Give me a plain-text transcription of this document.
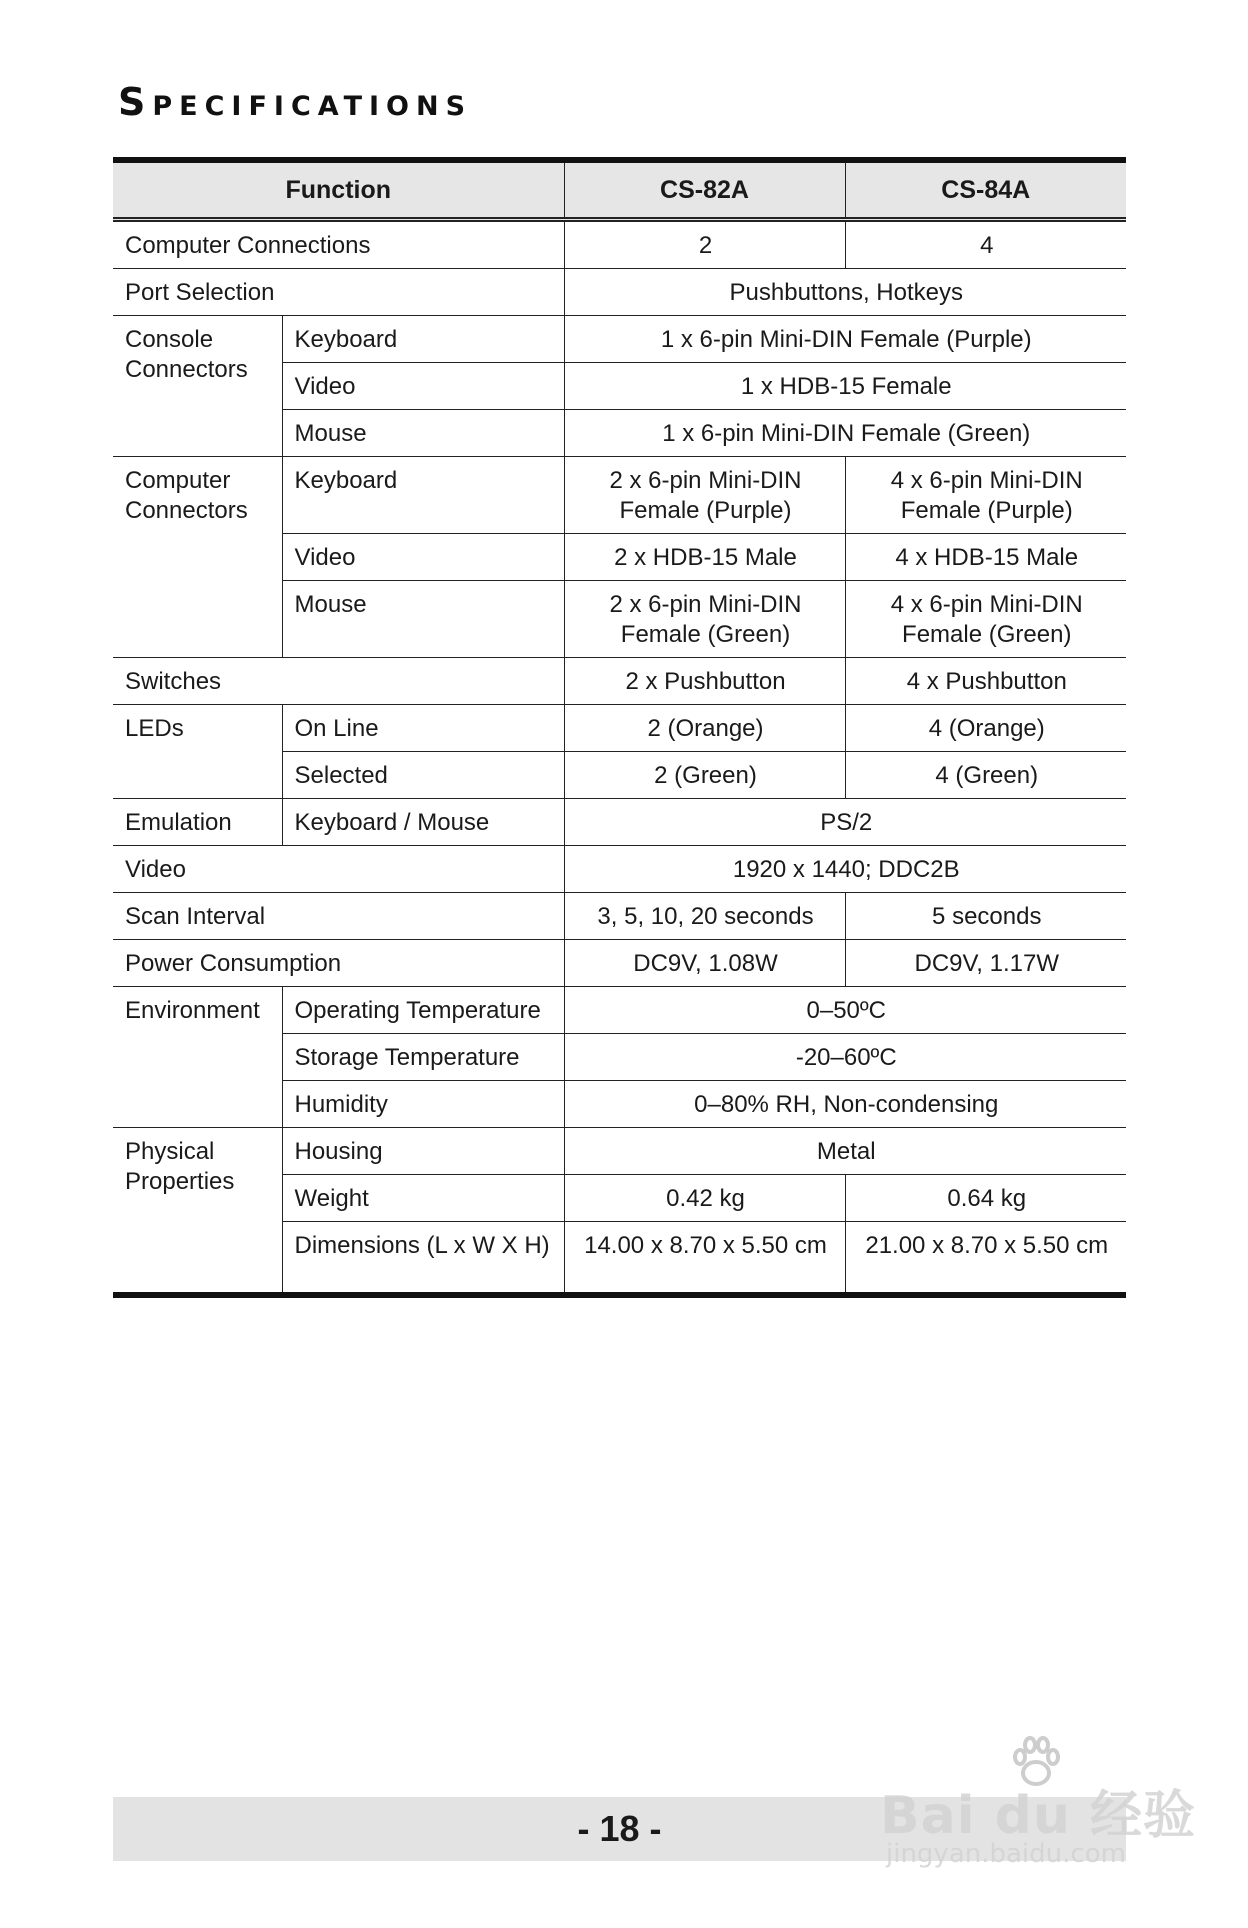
Specifications
Function		CS-82A	CS-84A
Computer Connections		2	4
Port Selection		Pushbuttons, Hotkeys	
Console Connectors	Keyboard	1 x 6-pin Mini-DIN Female (Purple)	
	Video	1 x HDB-15 Female	
	Mouse	1 x 6-pin Mini-DIN Female (Green)	
Computer Connectors	Keyboard	2 x 6-pin Mini-DIN Female (Purple)	4 x 6-pin Mini-DIN Female (Purple)
	Video	2 x HDB-15 Male	4 x HDB-15 Male
	Mouse	2 x 6-pin Mini-DIN Female (Green)	4 x 6-pin Mini-DIN Female (Green)
Switches		2 x Pushbutton	4 x Pushbutton
LEDs	On Line	2 (Orange)	4 (Orange)
	Selected	2 (Green)	4 (Green)
Emulation	Keyboard / Mouse	PS/2	
Video		1920 x 1440; DDC2B	
Scan Interval		3, 5, 10, 20 seconds	5 seconds
Power Consumption		DC9V, 1.08W	DC9V, 1.17W
Environment	Operating Temperature	0–50ºC	
	Storage Temperature	-20–60ºC	
	Humidity	0–80% RH, Non-condensing	
Physical Properties	Housing	Metal	
	Weight	0.42 kg	0.64 kg
	Dimensions (L x W X H)	14.00 x 8.70 x 5.50 cm	21.00 x 8.70 x 5.50 cm
- 18 -	Bai du 经验
jingyan.baidu.com
